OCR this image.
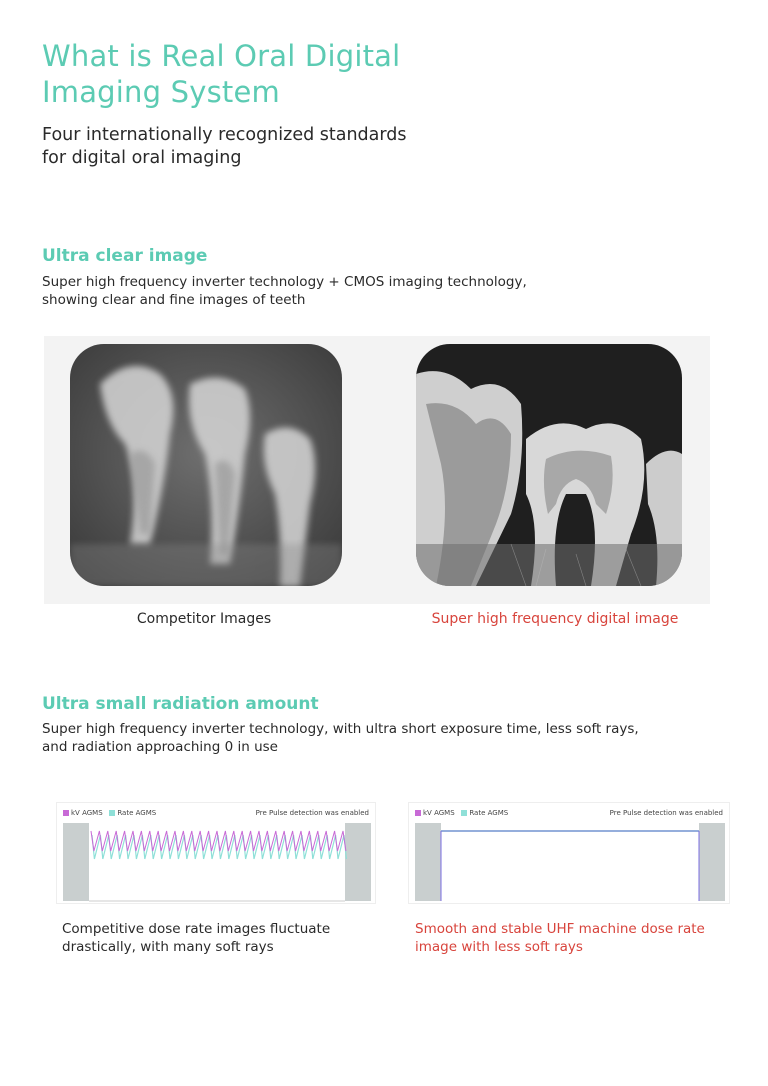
What is Real Oral Digital
Imaging System
Four internationally recognized standards
for digital oral imaging
Ultra clear image
Super high frequency inverter technology + CMOS imaging technology,
showing clear and fine images of teeth
Competitor Images	Super high frequency digital image
Ultra small radiation amount
Super high frequency inverter technology, with ultra short exposure time, less soft rays,
and radiation approaching 0 in use
kV AGMS Rate AGMS	Pre Pulse detection was enabled	kV AGMS Rate AGMS	Pre Pulse detection was enabled
Competitive dose rate images fluctuate
drastically, with many soft rays
Smooth and stable UHF machine dose rate
image with less soft rays
